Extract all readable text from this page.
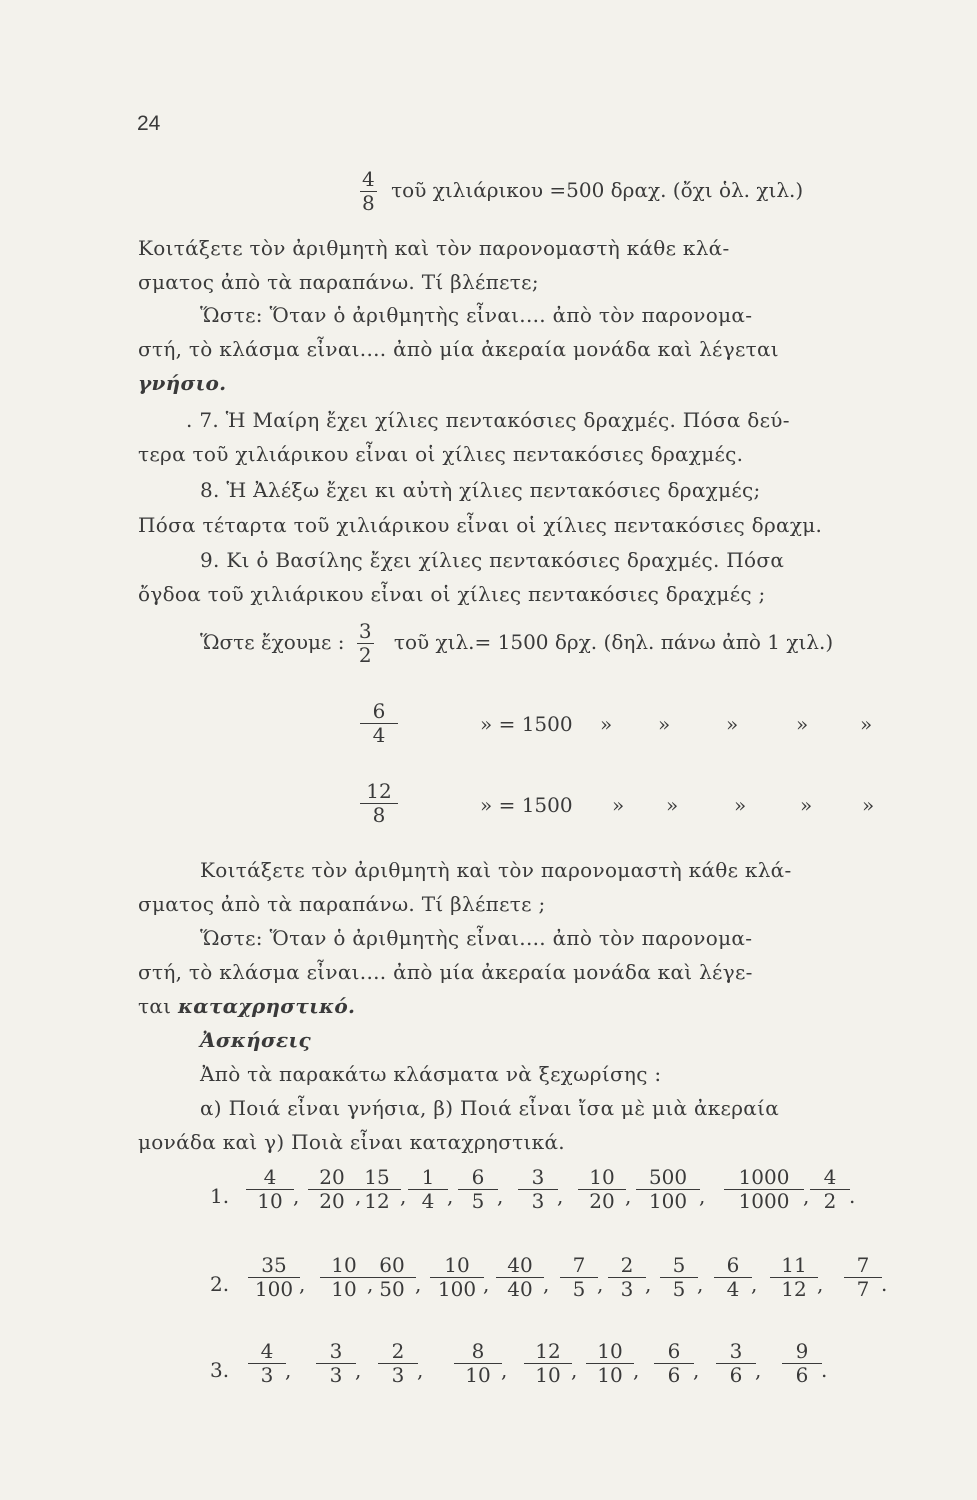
24
$\frac{4}{8}$ τοῦ χιλιάρικου =500 δραχ. (ὄχι ὁλ. χιλ.)
Κοιτάξετε τὸν ἀριθμητὴ καὶ τὸν παρονομαστὴ κάθε κλά-
σματος ἀπὸ τὰ παραπάνω. Τί βλέπετε;
Ὥστε: Ὅταν ὁ ἀριθμητὴς εἶναι.... ἀπὸ τὸν παρονομα-
στή, τὸ κλάσμα εἶναι.... ἀπὸ μία ἀκεραία μονάδα καὶ λέγεται
γνήσιο.
. 7. Ἡ Μαίρη ἔχει χίλιες πεντακόσιες δραχμές. Πόσα δεύ-
τερα τοῦ χιλιάρικου εἶναι οἱ χίλιες πεντακόσιες δραχμές.
8. Ἡ Ἀλέξω ἔχει κι αὐτὴ χίλιες πεντακόσιες δραχμές;
Πόσα τέταρτα τοῦ χιλιάρικου εἶναι οἱ χίλιες πεντακόσιες δραχμ.
9. Κι ὁ Βασίλης ἔχει χίλιες πεντακόσιες δραχμές. Πόσα
ὄγδοα τοῦ χιλιάρικου εἶναι οἱ χίλιες πεντακόσιες δραχμές ;
Ὥστε ἔχουμε : $\frac{3}{2}$ τοῦ χιλ.= 1500 δρχ. (δηλ. πάνω ἀπὸ 1 χιλ.)
$\frac{6}{4}$	» = 1500 » »	»	»	»
$\frac{12}{8}$	» = 1500 » »	»	» »
Κοιτάξετε τὸν ἀριθμητὴ καὶ τὸν παρονομαστὴ κάθε κλά-
σματος ἀπὸ τὰ παραπάνω. Τί βλέπετε ;
Ὥστε: Ὅταν ὁ ἀριθμητὴς εἶναι.... ἀπὸ τὸν παρονομα-
στή, τὸ κλάσμα εἶναι.... ἀπὸ μία ἀκεραία μονάδα καὶ λέγε-
ται καταχρηστικό.
Ἀσκήσεις
Ἀπὸ τὰ παρακάτω κλάσματα νὰ ξεχωρίσης :
α) Ποιά εἶναι γνήσια, β) Ποιά εἶναι ἴσα μὲ μιὰ ἀκεραία
μονάδα καὶ γ) Ποιὰ εἶναι καταχρηστικά.
1. $\frac{4}{10}$ , $\frac{20}{20}$ ,
$\frac{15}{12}$ , $\frac{1}{4}$ , $\frac{6}{5}$ , $\frac{3}{3}$ , $\frac{10}{20}$ , $\frac{500}{100}$ , $\frac{1000}{1000}$ , $\frac{4}{2}$ .
2. $\frac{35}{100}$ , $\frac{10}{10}$ ,
$\frac{60}{50}$ , $\frac{10}{100}$ , $\frac{40}{40}$ , $\frac{7}{5}$ , $\frac{2}{3}$ , $\frac{5}{5}$ , $\frac{6}{4}$ , $\frac{11}{12}$ , $\frac{7}{7}$ .
3. $\frac{4}{3}$ , $\frac{3}{3}$ , $\frac{2}{3}$ , $\frac{8}{10}$ , $\frac{12}{10}$ , $\frac{10}{10}$ , $\frac{6}{6}$ , $\frac{3}{6}$ , $\frac{9}{6}$ .
